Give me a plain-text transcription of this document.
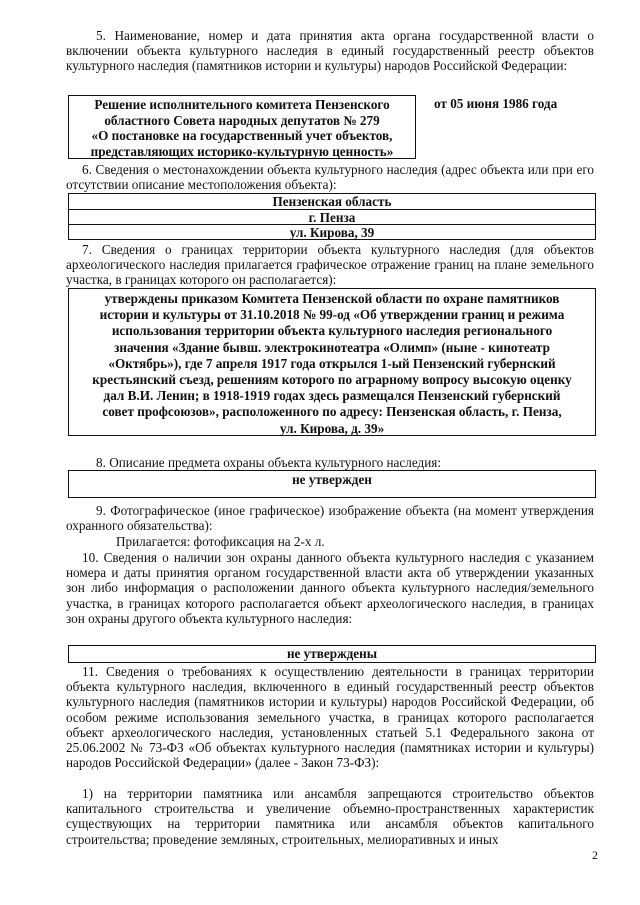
5. Наименование, номер и дата принятия акта органа государственной власти о включении объекта культурного наследия в единый государственный реестр объектов культурного наследия (памятников истории и культуры) народов Российской Федерации:

Решение исполнительного комитета Пензенского
областного Совета народных депутатов № 279
«О постановке на государственный учет объектов,
представляющих историко-культурную ценность»

от 05 июня 1986 года

6. Сведения о местонахождении объекта культурного наследия (адрес объекта или при его отсутствии описание местоположения объекта):

Пензенская область
г. Пенза
ул. Кирова, 39

7. Сведения о границах территории объекта культурного наследия (для объектов археологического наследия прилагается графическое отражение границ на плане земельного участка, в границах которого он располагается):

утверждены приказом Комитета Пензенской области по охране памятников
истории и культуры от 31.10.2018 № 99-од «Об утверждении границ и режима
использования территории объекта культурного наследия регионального
значения «Здание бывш. электрокинотеатра «Олимп» (ныне - кинотеатр
«Октябрь»), где 7 апреля 1917 года открылся 1-ый Пензенский губернский
крестьянский съезд, решениям которого по аграрному вопросу высокую оценку
дал В.И. Ленин; в 1918-1919 годах здесь размещался Пензенский губернский
совет профсоюзов», расположенного по адресу: Пензенская область, г. Пенза,
ул. Кирова, д. 39»

8. Описание предмета охраны объекта культурного наследия:

не утвержден

9. Фотографическое (иное графическое) изображение объекта (на момент утверждения охранного обязательства):

Прилагается: фотофиксация на 2-х л.

10. Сведения о наличии зон охраны данного объекта культурного наследия с указанием номера и даты принятия органом государственной власти акта об утверждении указанных зон либо информация о расположении данного объекта культурного наследия/земельного участка, в границах которого располагается объект археологического наследия, в границах зон охраны другого объекта культурного наследия:

не утверждены

11. Сведения о требованиях к осуществлению деятельности в границах территории объекта культурного наследия, включенного в единый государственный реестр объектов культурного наследия (памятников истории и культуры) народов Российской Федерации, об особом режиме использования земельного участка, в границах которого располагается объект археологического наследия, установленных статьей 5.1 Федерального закона от 25.06.2002 № 73-ФЗ «Об объектах культурного наследия (памятниках истории и культуры) народов Российской Федерации» (далее - Закон 73-ФЗ):

1) на территории памятника или ансамбля запрещаются строительство объектов капитального строительства и увеличение объемно-пространственных характеристик существующих на территории памятника или ансамбля объектов капитального строительства; проведение земляных, строительных, мелиоративных и иных

2
